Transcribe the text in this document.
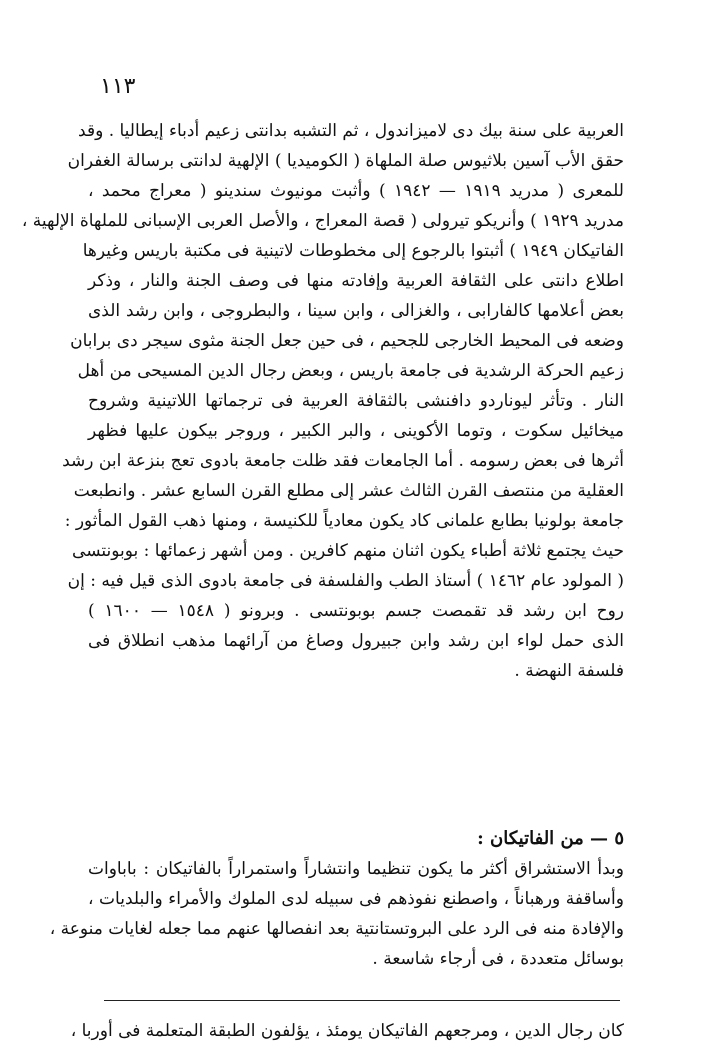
١١٣
العربية على سنة بيك دى لاميزاندول ، ثم التشبه بدانتى زعيم أدباء إيطاليا . وقد
حقق الأب آسين بلاثيوس صلة الملهاة ( الكوميديا ) الإلهية لدانتى برسالة الغفران
للمعرى ( مدريد ١٩١٩ — ١٩٤٢ ) وأثبت مونيوث سندينو ( معراج محمد ،
مدريد ١٩٢٩ ) وأنريكو تيرولى ( قصة المعراج ، والأصل العربى الإسبانى للملهاة الإلهية ،
الفاتيكان ١٩٤٩ ) أثبتوا بالرجوع إلى مخطوطات لاتينية فى مكتبة باريس وغيرها
اطلاع دانتى على الثقافة العربية وإفادته منها فى وصف الجنة والنار ، وذكر
بعض أعلامها كالفارابى ، والغزالى ، وابن سينا ، والبطروجى ، وابن رشد الذى
وضعه فى المحيط الخارجى للجحيم ، فى حين جعل الجنة مثوى سيجر دى برابان
زعيم الحركة الرشدية فى جامعة باريس ، وبعض رجال الدين المسيحى من أهل
النار . وتأثر ليوناردو دافنشى بالثقافة العربية فى ترجماتها اللاتينية وشروح
ميخائيل سكوت ، وتوما الأكوينى ، والبر الكبير ، وروجر بيكون عليها فظهر
أثرها فى بعض رسومه . أما الجامعات فقد ظلت جامعة بادوى تعج بنزعة ابن رشد
العقلية من منتصف القرن الثالث عشر إلى مطلع القرن السابع عشر . وانطبعت
جامعة بولونيا بطابع علمانى كاد يكون معادياً للكنيسة ، ومنها ذهب القول المأثور :
حيث يجتمع ثلاثة أطباء يكون اثنان منهم كافرين . ومن أشهر زعمائها : بوبونتسى
( المولود عام ١٤٦٢ ) أستاذ الطب والفلسفة فى جامعة بادوى الذى قيل فيه : إن
روح ابن رشد قد تقمصت جسم بوبونتسى . وبرونو ( ١٥٤٨ — ١٦٠٠ )
الذى حمل لواء ابن رشد وابن جبيرول وصاغ من آرائهما مذهب انطلاق فى
فلسفة النهضة .
٥ — من الفاتيكان :
وبدأ الاستشراق أكثر ما يكون تنظيما وانتشاراً واستمراراً بالفاتيكان : باباوات
وأساقفة ورهباناً ، واصطنع نفوذهم فى سبيله لدى الملوك والأمراء والبلديات ،
والإفادة منه فى الرد على البروتستانتية بعد انفصالها عنهم مما جعله لغايات منوعة ،
بوسائل متعددة ، فى أرجاء شاسعة .
كان رجال الدين ، ومرجعهم الفاتيكان يومئذ ، يؤلفون الطبقة المتعلمة فى أوربا ،
